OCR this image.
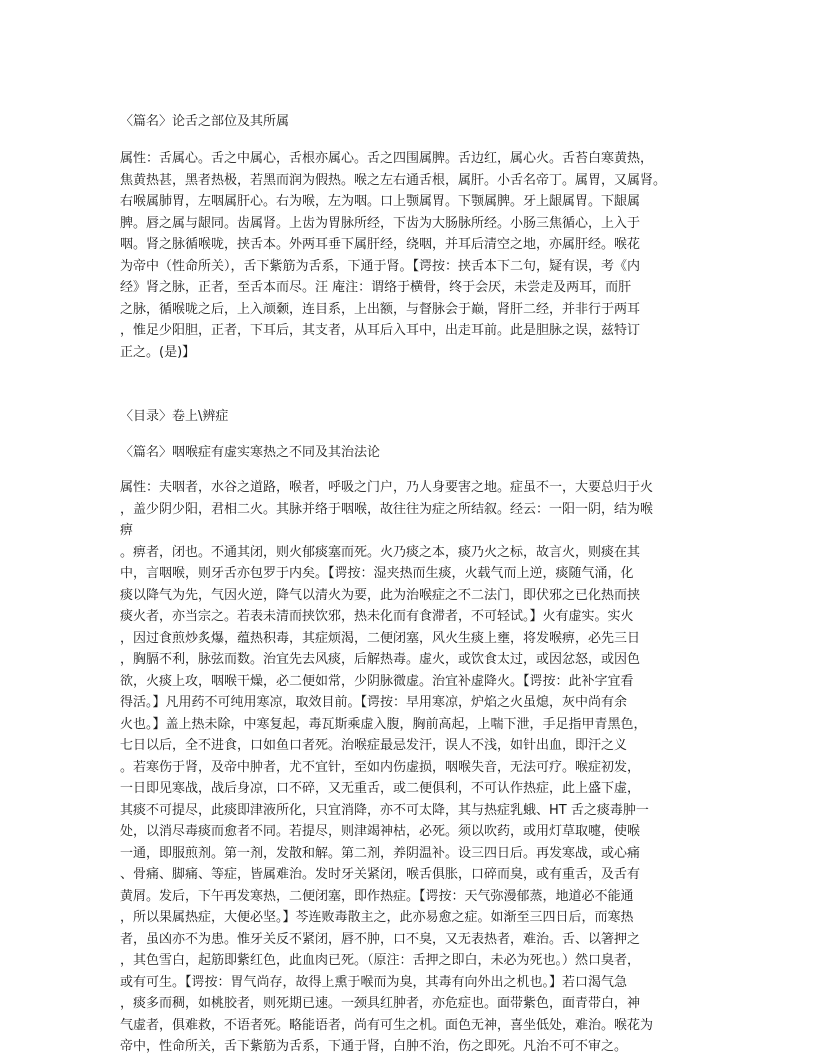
〈篇名〉论舌之部位及其所属

属性：舌属心。舌之中属心，舌根亦属心。舌之四围属脾。舌边红，属心火。舌苔白寒黄热，
焦黄热甚，黑者热极，若黑而润为假热。喉之左右通舌根，属肝。小舌名帝丁。属胃，又属肾。
右喉属肺胃，左咽属肝心。右为喉，左为咽。口上颚属胃。下颚属脾。牙上龈属胃。下龈属
脾。唇之属与龈同。齿属肾。上齿为胃脉所经，下齿为大肠脉所经。小肠三焦循心，上入于
咽。肾之脉循喉咙，挟舌本。外两耳垂下属肝经，绕咽，并耳后清空之地，亦属肝经。喉花
为帝中（性命所关），舌下紫筋为舌系，下通于肾。【谔按：挟舌本下二句，疑有误，考《内
经》肾之脉，正者，至舌本而尽。汪 庵注：谓络于横骨，终于会厌，未尝走及两耳，而肝
之脉，循喉咙之后，上入颃颡，连目系，上出额，与督脉会于巅，肾肝二经，并非行于两耳
，惟足少阳胆，正者，下耳后，其支者，从耳后入耳中，出走耳前。此是胆脉之误，兹特订
正之。(是)】

〈目录〉卷上\辨症

〈篇名〉咽喉症有虚实寒热之不同及其治法论

属性：夫咽者，水谷之道路，喉者，呼吸之门户，乃人身要害之地。症虽不一，大要总归于火
，盖少阴少阳，君相二火。其脉并络于咽喉，故往往为症之所结叙。经云：一阳一阴，结为喉
痹
。痹者，闭也。不通其闭，则火郁痰塞而死。火乃痰之本，痰乃火之标，故言火，则痰在其
中，言咽喉，则牙舌亦包罗于内矣。【谔按：湿夹热而生痰，火载气而上逆，痰随气涌，化
痰以降气为先，气因火逆，降气以清火为要，此为治喉症之不二法门，即伏邪之已化热而挟
痰火者，亦当宗之。若表未清而挟饮邪，热未化而有食滞者，不可轻试。】火有虚实。实火
，因过食煎炒炙爆，蕴热积毒，其症烦渴，二便闭塞，风火生痰上壅，将发喉痹，必先三日
，胸膈不利，脉弦而数。治宜先去风痰，后解热毒。虚火，或饮食太过，或因忿怒，或因色
欲，火痰上攻，咽喉干燥，必二便如常，少阴脉微虚。治宜补虚降火。【谔按：此补字宜看
得活。】凡用药不可纯用寒凉，取效目前。【谔按：早用寒凉，炉焰之火虽熄，灰中尚有余
火也。】盖上热未除，中寒复起，毒瓦斯乘虚入腹，胸前高起，上喘下泄，手足指甲青黑色，
七日以后，全不进食，口如鱼口者死。治喉症最忌发汗，误人不浅，如针出血，即汗之义
。若寒伤于肾，及帝中肿者，尤不宜针，至如内伤虚损，咽喉失音，无法可疗。喉症初发，
一日即见寒战，战后身凉，口不碎，又无重舌，或二便俱利，不可认作热症，此上盛下虚，
其痰不可提尽，此痰即津液所化，只宜消降，亦不可太降，其与热症乳蛾、HT 舌之痰毒肿一
处，以消尽毒痰而愈者不同。若提尽，则津竭神枯，必死。须以吹药，或用灯草取嚏，使喉
一通，即服煎剂。第一剂，发散和解。第二剂，养阴温补。设三四日后。再发寒战，或心痛
、骨痛、脚痛、等症，皆属难治。发时牙关紧闭，喉舌俱胀，口碎而臭，或有重舌，及舌有
黄屑。发后，下午再发寒热，二便闭塞，即作热症。【谔按：天气弥漫郁蒸，地道必不能通
，所以果属热症，大便必坚。】芩连败毒散主之，此亦易愈之症。如渐至三四日后，而寒热
者，虽凶亦不为患。惟牙关反不紧闭，唇不肿，口不臭，又无表热者，难治。舌、以箸押之
，其色雪白，起筋即紫红色，此血肉已死。（原注：舌押之即白，未必为死也。）然口臭者，
或有可生。【谔按：胃气尚存，故得上熏于喉而为臭，其毒有向外出之机也。】若口渴气急
，痰多而稠，如桃胶者，则死期已速。一颈具红肿者，亦危症也。面带紫色，面青带白，神
气虚者，俱难救，不语者死。略能语者，尚有可生之机。面色无神，喜坐低处，难治。喉花为
帝中，性命所关，舌下紫筋为舌系，下通于肾，白肿不治，伤之即死。凡治不可不审之。
